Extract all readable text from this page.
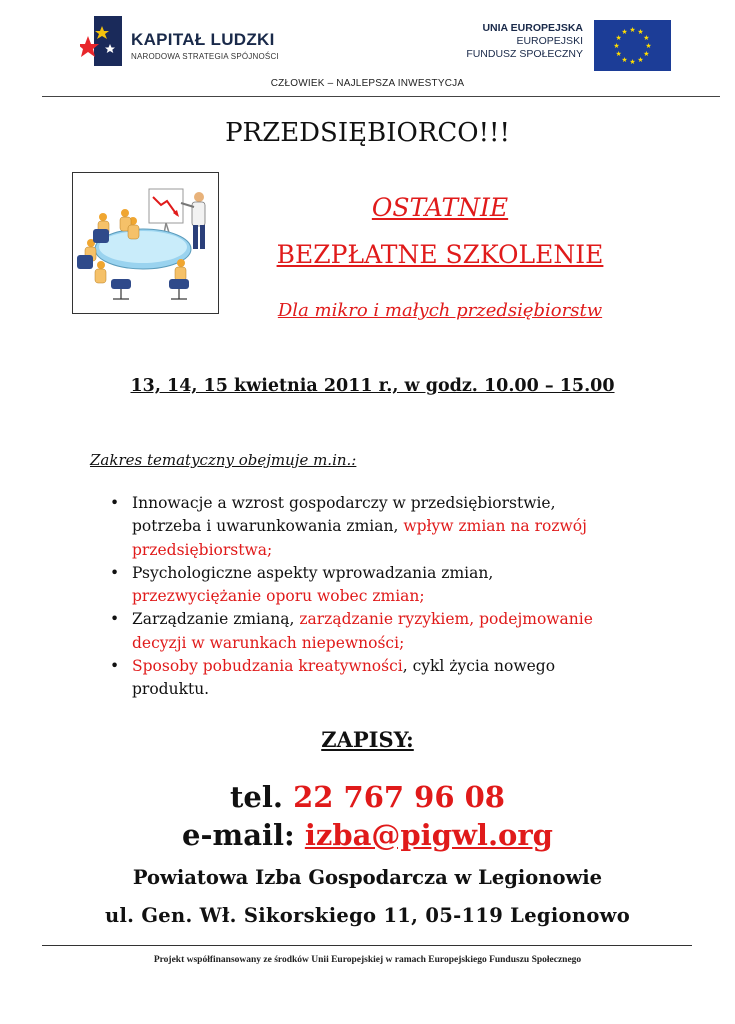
KAPITAŁ LUDZKI
NARODOWA STRATEGIA SPÓJNOŚCI
UNIA EUROPEJSKA
EUROPEJSKI
FUNDUSZ SPOŁECZNY
★ ★
★
★
★
★
★
★
★
★
★
★
CZŁOWIEK – NAJLEPSZA INWESTYCJA
PRZEDSIĘBIORCO!!!
OSTATNIE
BEZPŁATNE SZKOLENIE
Dla mikro i małych przedsiębiorstw
13, 14, 15 kwietnia 2011 r., w godz. 10.00 – 15.00
Zakres tematyczny obejmuje m.in.:
• Innowacje a wzrost gospodarczy w przedsiębiorstwie,
potrzeba i uwarunkowania zmian, wpływ zmian na rozwój
przedsiębiorstwa;
• Psychologiczne aspekty wprowadzania zmian,
przezwyciężanie oporu wobec zmian;
• Zarządzanie zmianą, zarządzanie ryzykiem, podejmowanie
decyzji w warunkach niepewności;
• Sposoby pobudzania kreatywności, cykl życia nowego
produktu.
ZAPISY:
tel. 22 767 96 08
e-mail: izba@pigwl.org
Powiatowa Izba Gospodarcza w Legionowie
ul. Gen. Wł. Sikorskiego 11, 05-119 Legionowo
Projekt współfinansowany ze środków Unii Europejskiej w ramach Europejskiego Funduszu Społecznego
